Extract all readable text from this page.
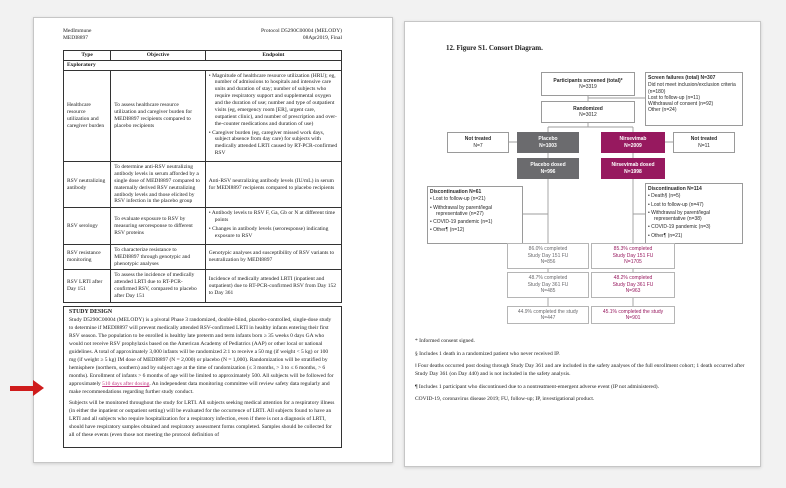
MedImmune
MEDI8897
Protocol D5290C00004 (MELODY)
08Apr2019, Final
Type	Objective	Endpoint
Exploratory		
Healthcare resource utilization and caregiver burden	To assess healthcare resource utilization and caregiver burden for MEDI8897 recipients compared to placebo recipients	• Magnitude of healthcare resource utilization (HRU); eg, number of admissions to hospitals and intensive care units and duration of stay; number of subjects who require respiratory support and supplemental oxygen and the duration of use; number and type of outpatient visits (eg, emergency room [ER], urgent care, outpatient clinic), and number of prescription and over-the-counter medications and duration of use)
• Caregiver burden (eg, caregiver missed work days, subject absence from day care) for subjects with medically attended LRTI caused by RT-PCR-confirmed RSV

RSV neutralizing antibody	To determine anti-RSV neutralizing antibody levels in serum afforded by a single dose of MEDI8897 compared to maternally derived RSV neutralizing antibody levels and those elicited by RSV infection in the placebo group	Anti-RSV neutralizing antibody levels (IU/mL) in serum for MEDI8897 recipients compared to placebo recipients
RSV serology	To evaluate exposure to RSV by measuring seroresponse to different RSV proteins	• Antibody levels to RSV F, Ga, Gb or N at different time points
• Changes in antibody levels (seroresponse) indicating exposure to RSV

RSV resistance monitoring	To characterize resistance to MEDI8897 through genotypic and phenotypic analyses	Genotypic analyses and susceptibility of RSV variants to neutralization by MEDI8897
RSV LRTI after Day 151	To assess the incidence of medically attended LRTI due to RT-PCR-confirmed RSV, compared to placebo after Day 151	Incidence of medically attended LRTI (inpatient and outpatient) due to RT-PCR-confirmed RSV from Day 152 to Day 361
STUDY DESIGN

Study D5290C00004 (MELODY) is a pivotal Phase 3 randomized, double-blind, placebo-controlled, single-dose study to determine if MEDI8897 will prevent medically attended RSV-confirmed LRTI in healthy infants entering their first RSV season. The population to be enrolled is healthy late preterm and term infants born ≥ 35 weeks 0 days GA who would not receive RSV prophylaxis based on the American Academy of Pediatrics (AAP) or other local or national guidelines. A total of approximately 3,000 infants will be randomized 2:1 to receive a 50 mg (if weight < 5 kg) or 100 mg (if weight ≥ 5 kg) IM dose of MEDI8897 (N = 2,000) or placebo (N = 1,000). Randomization will be stratified by hemisphere (northern, southern) and by subject age at the time of randomization (≤ 3 months, > 3 to ≤ 6 months, > 6 months). Enrollment of infants > 6 months of age will be limited to approximately 500. All subjects will be followed for approximately 510 days after dosing. An independent data monitoring committee will review safety data regularly and make recommendations regarding further study conduct.

Subjects will be monitored throughout the study for LRTI. All subjects seeking medical attention for a respiratory illness (in either the inpatient or outpatient setting) will be evaluated for the occurrence of LRTI. All subjects found to have an LRTI and all subjects who require hospitalization for a respiratory infection, even if there is not a diagnosis of LRTI, should have respiratory samples obtained and respiratory assessment forms completed. Samples should be collected for all of these events (even those not meeting the protocol definition of

12. Figure S1. Consort Diagram.
Participants screened (total)*
N=3319
Screen failures (total) N=307
Did not meet inclusion/exclusion criteria (n=180)
Lost to follow-up (n=11)
Withdrawal of consent (n=92)
Other (n=24)
Randomized
N=3012
Not treated
N=7
Placebo
N=1003
Nirsevimab
N=2009
Not treated
N=11
Placebo dosed
N=996
Nirsevimab dosed
N=1998
Discontinuation N=61
• Lost to follow-up (n=21)
• Withdrawal by parent/legal representative (n=27)
• COVID-19 pandemic (n=1)
• Other¶ (n=12)
Discontinuation N=114
• Death§ (n=5)
• Lost to follow-up (n=47)
• Withdrawal by parent/legal representative (n=38)
• COVID-19 pandemic (n=3)
• Other¶ (n=21)
86.0% completed
Study Day 151 FU
N=856
48.7% completed
Study Day 361 FU
N=485
44.9% completed the study
N=447
85.3% completed
Study Day 151 FU
N=1705
48.2% completed
Study Day 361 FU
N=963
45.1% completed the study
N=901
* Informed consent signed.
§ Includes 1 death in a randomized patient who never received IP.
‖ Four deaths occurred post dosing through Study Day 361 and are included in the safety analyses of the full enrollment cohort; 1 death occurred after Study Day 361 (on Day 440) and is not included in the safety analysis.
¶ Includes 1 participant who discontinued due to a nontreatment-emergent adverse event (IP not administered).
COVID-19, coronavirus disease 2019; FU, follow-up; IP, investigational product.
